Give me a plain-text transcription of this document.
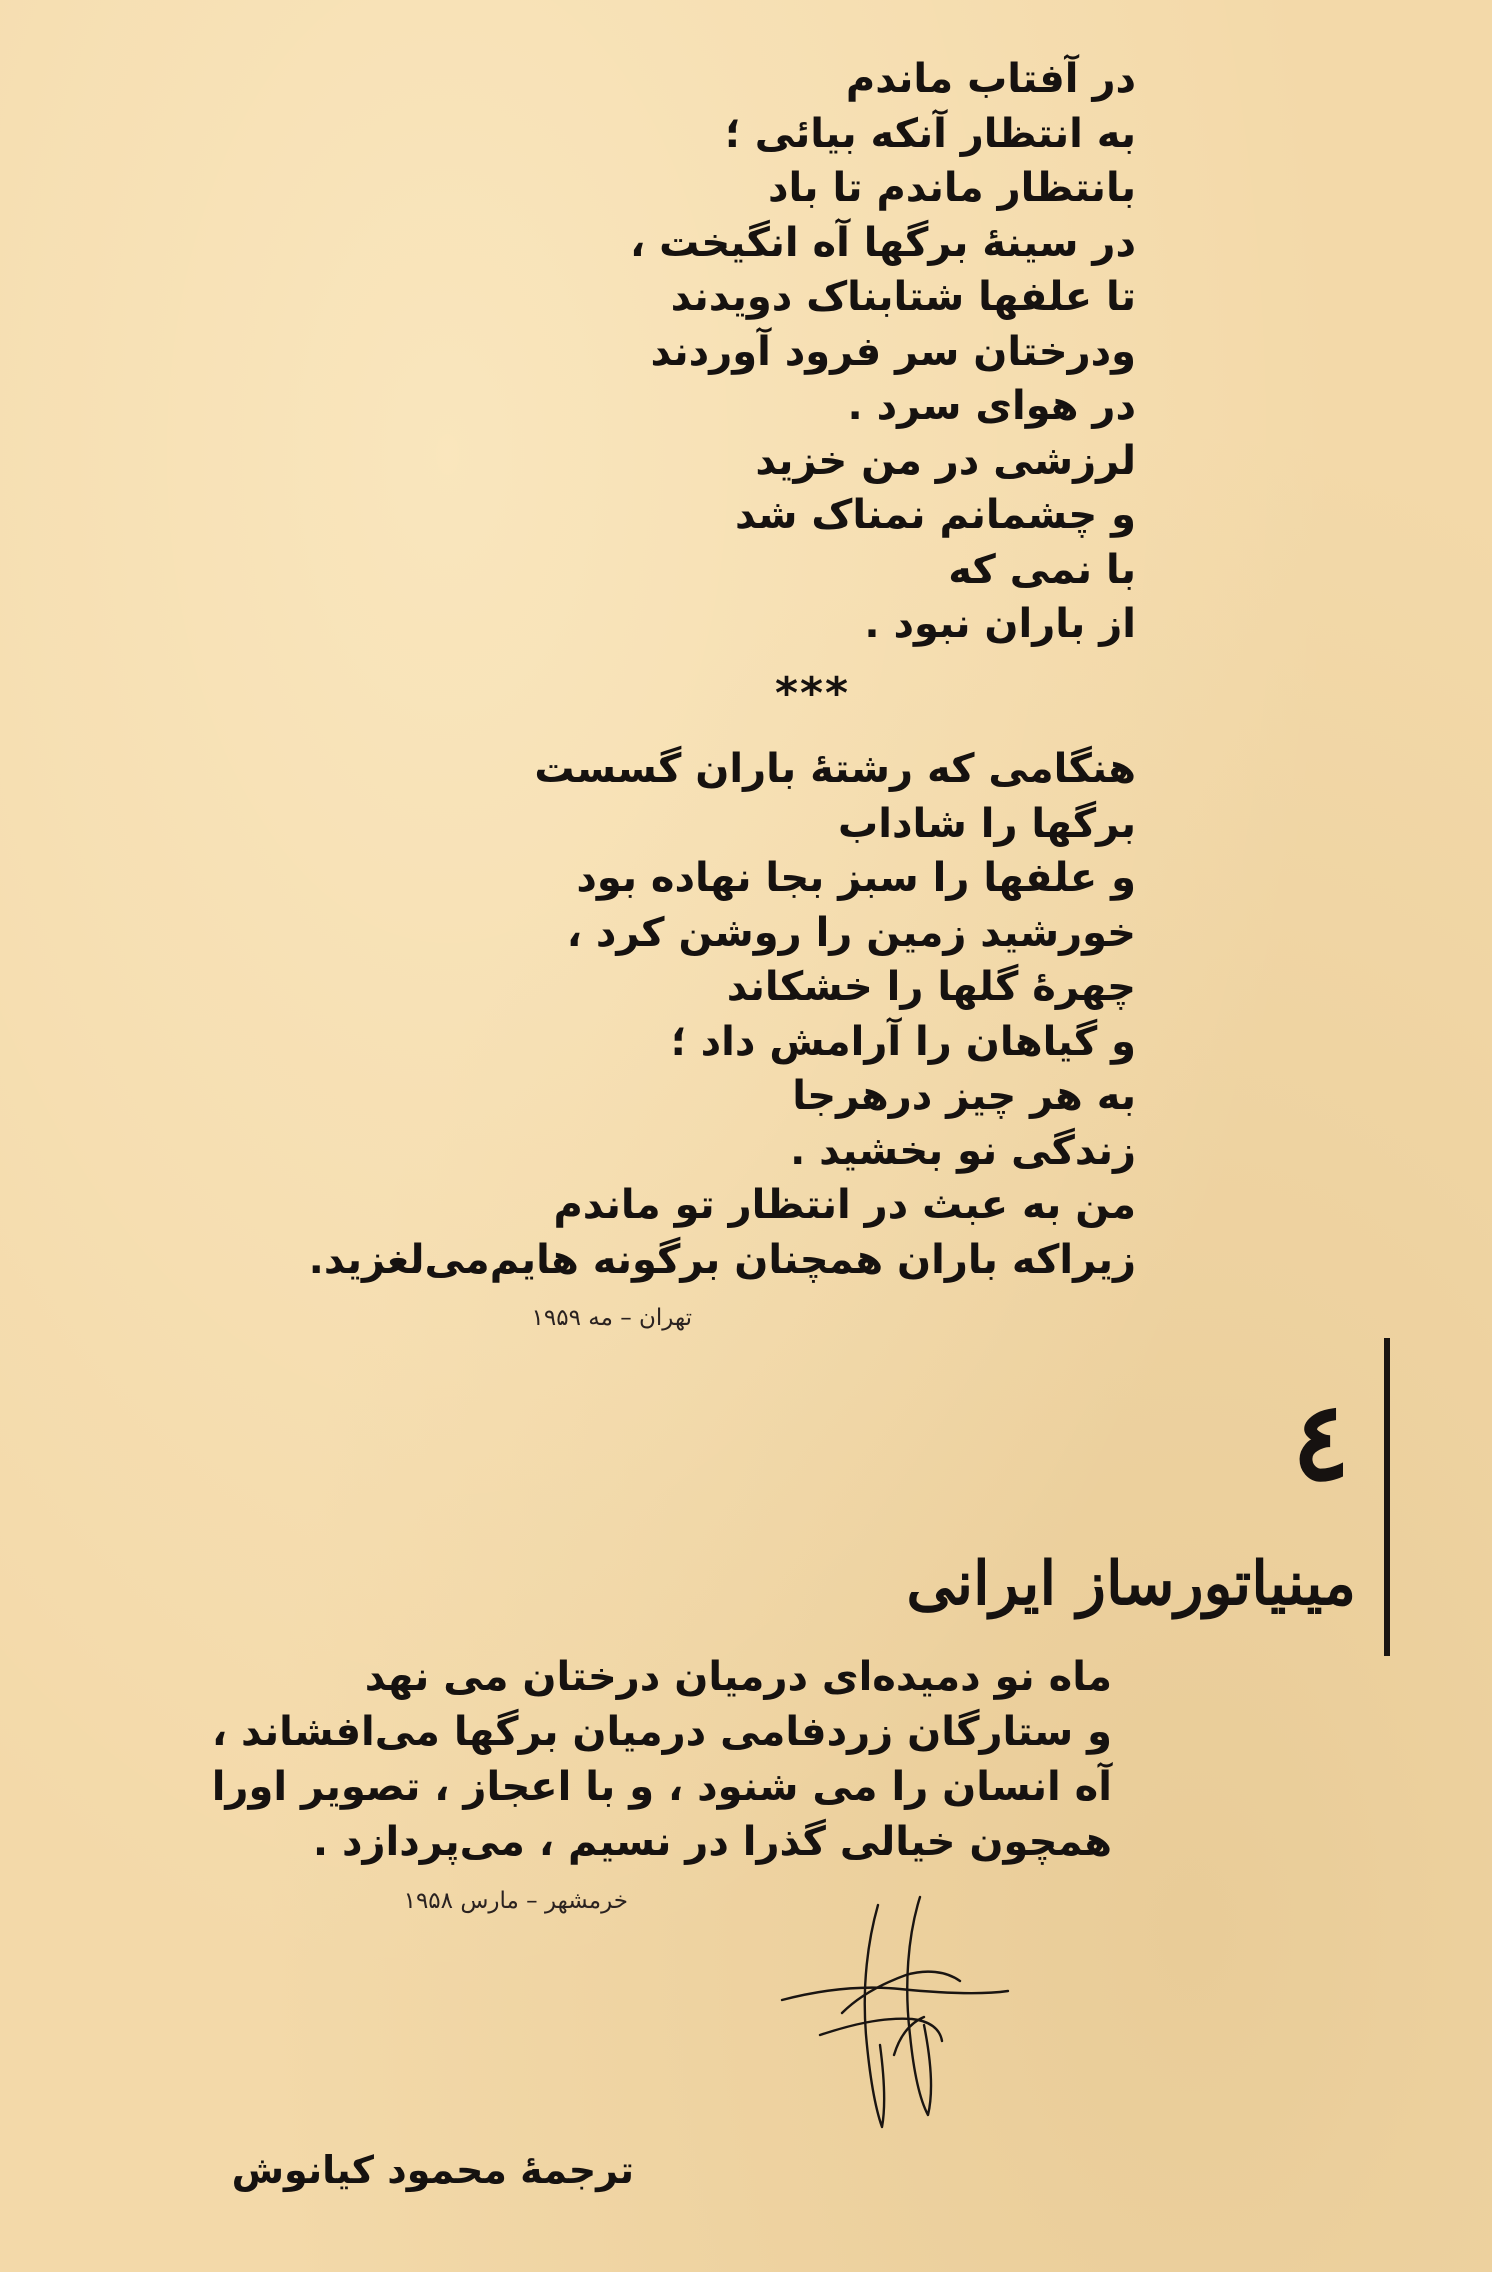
در آفتاب ماندم
به انتظار آنکه بیائی ؛
بانتظار ماندم تا باد
در سینهٔ برگها آه انگیخت ،
تا علفها شتابناک دویدند
ودرختان سر فرود آوردند
در هوای سرد .
لرزشی در من خزید
و چشمانم نمناک شد
با نمی که
از باران نبود .
***
هنگامی که رشتهٔ باران گسست
برگها را شاداب
و علفها را سبز بجا نهاده بود
خورشید زمین را روشن کرد ،
چهرهٔ گلها را خشکاند
و گیاهان را آرامش داد ؛
به هر چیز درهرجا
زندگی نو بخشید .
من به عبث در انتظار تو ماندم
زیراکه باران همچنان برگونه هایم‌می‌لغزید.
تهران – مه ۱۹۵۹
٤
مینیاتورساز ایرانی
ماه نو دمیده‌ای درمیان درختان می نهد
و ستارگان زردفامی درمیان برگها می‌افشاند ،
آه انسان را می شنود ، و با اعجاز ، تصویر اورا
همچون خیالی گذرا در نسیم ، می‌پردازد .
خرمشهر – مارس ۱۹۵۸
ترجمهٔ محمود کیانوش
